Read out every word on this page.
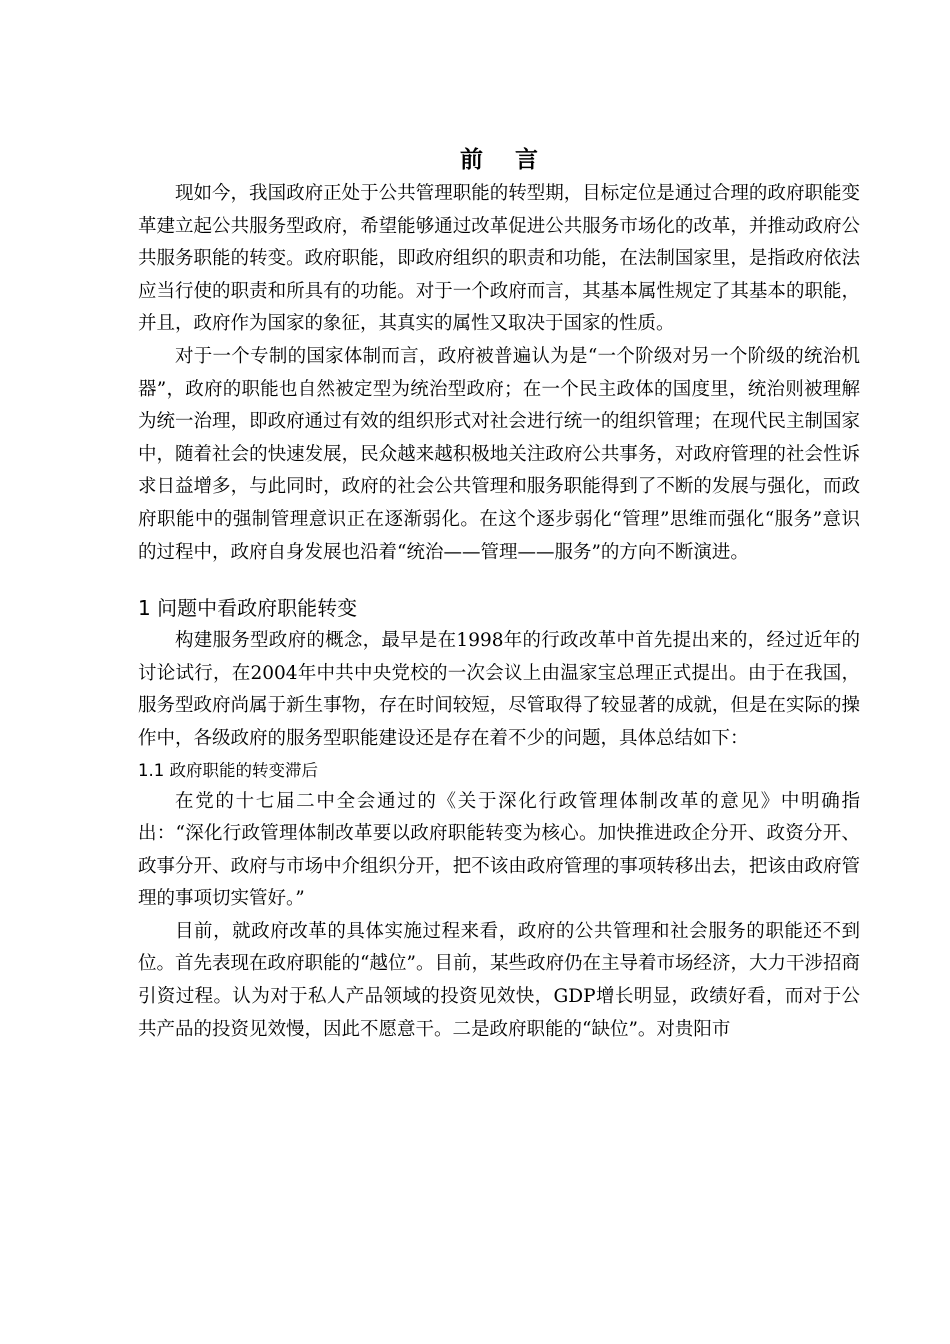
前 言

现如今，我国政府正处于公共管理职能的转型期，目标定位是通过合理的政府职能变革建立起公共服务型政府，希望能够通过改革促进公共服务市场化的改革，并推动政府公共服务职能的转变。政府职能，即政府组织的职责和功能，在法制国家里，是指政府依法应当行使的职责和所具有的功能。对于一个政府而言，其基本属性规定了其基本的职能，并且，政府作为国家的象征，其真实的属性又取决于国家的性质。

对于一个专制的国家体制而言，政府被普遍认为是“一个阶级对另一个阶级的统治机器”，政府的职能也自然被定型为统治型政府；在一个民主政体的国度里，统治则被理解为统一治理，即政府通过有效的组织形式对社会进行统一的组织管理；在现代民主制国家中，随着社会的快速发展，民众越来越积极地关注政府公共事务，对政府管理的社会性诉求日益增多，与此同时，政府的社会公共管理和服务职能得到了不断的发展与强化，而政府职能中的强制管理意识正在逐渐弱化。在这个逐步弱化“管理”思维而强化“服务”意识的过程中，政府自身发展也沿着“统治——管理——服务”的方向不断演进。

1 问题中看政府职能转变

构建服务型政府的概念，最早是在1998年的行政改革中首先提出来的，经过近年的讨论试行，在2004年中共中央党校的一次会议上由温家宝总理正式提出。由于在我国，服务型政府尚属于新生事物，存在时间较短，尽管取得了较显著的成就，但是在实际的操作中，各级政府的服务型职能建设还是存在着不少的问题，具体总结如下：

1.1 政府职能的转变滞后

在党的十七届二中全会通过的《关于深化行政管理体制改革的意见》中明确指出：“深化行政管理体制改革要以政府职能转变为核心。加快推进政企分开、政资分开、政事分开、政府与市场中介组织分开，把不该由政府管理的事项转移出去，把该由政府管理的事项切实管好。”

目前，就政府改革的具体实施过程来看，政府的公共管理和社会服务的职能还不到位。首先表现在政府职能的“越位”。目前，某些政府仍在主导着市场经济，大力干涉招商引资过程。认为对于私人产品领域的投资见效快，GDP增长明显，政绩好看，而对于公共产品的投资见效慢，因此不愿意干。二是政府职能的“缺位”。对贵阳市
